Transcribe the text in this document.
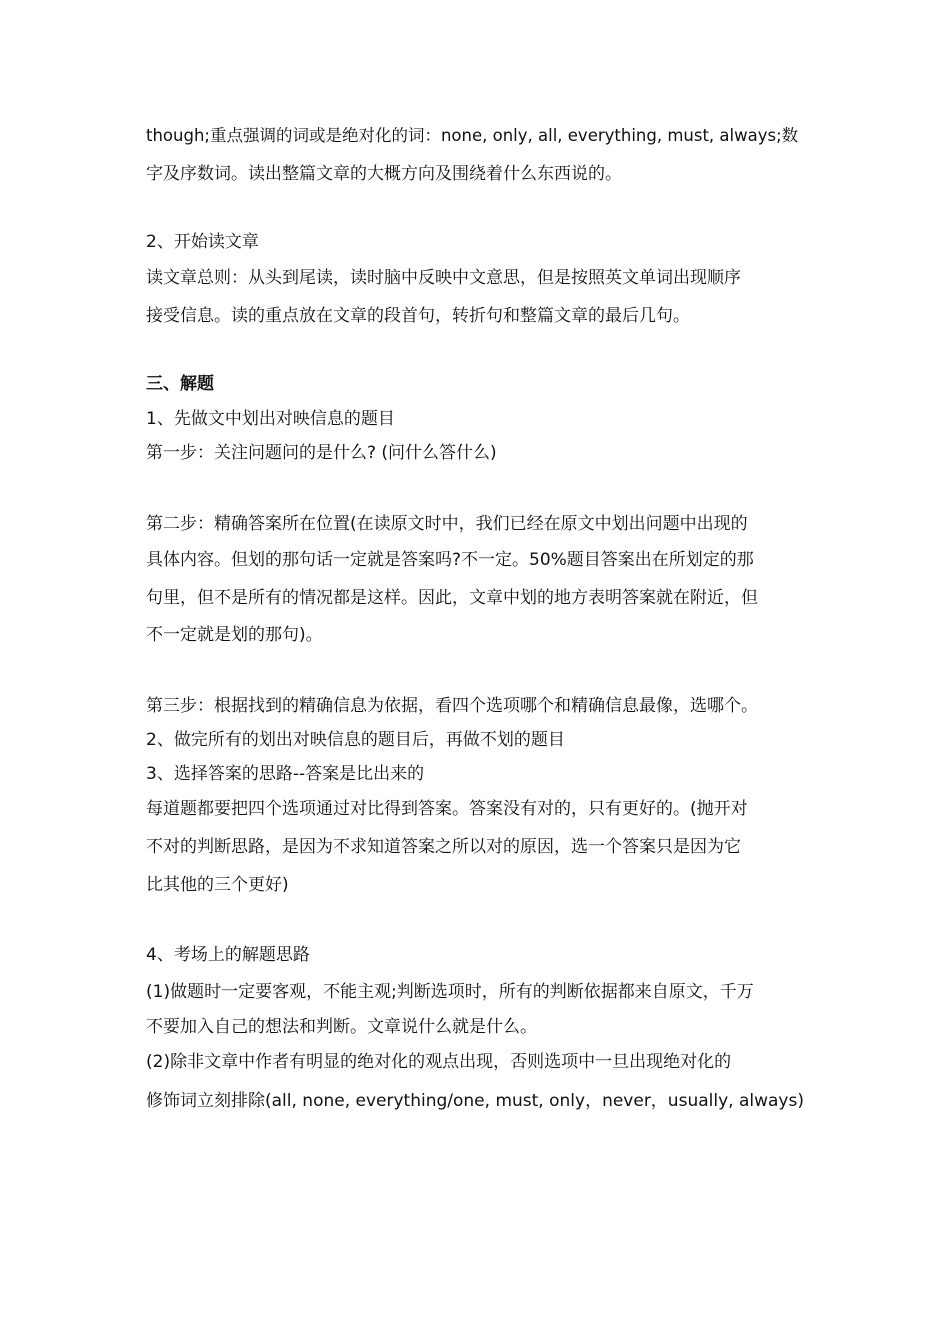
though;重点强调的词或是绝对化的词：none, only, all, everything, must, always;数
字及序数词。读出整篇文章的大概方向及围绕着什么东西说的。
2、开始读文章
读文章总则：从头到尾读，读时脑中反映中文意思，但是按照英文单词出现顺序
接受信息。读的重点放在文章的段首句，转折句和整篇文章的最后几句。
三、解题
1、先做文中划出对映信息的题目
第一步：关注问题问的是什么? (问什么答什么)
第二步：精确答案所在位置(在读原文时中，我们已经在原文中划出问题中出现的
具体内容。但划的那句话一定就是答案吗?不一定。50%题目答案出在所划定的那
句里，但不是所有的情况都是这样。因此，文章中划的地方表明答案就在附近，但
不一定就是划的那句)。
第三步：根据找到的精确信息为依据，看四个选项哪个和精确信息最像，选哪个。
2、做完所有的划出对映信息的题目后，再做不划的题目
3、选择答案的思路--答案是比出来的
每道题都要把四个选项通过对比得到答案。答案没有对的，只有更好的。(抛开对
不对的判断思路，是因为不求知道答案之所以对的原因，选一个答案只是因为它
比其他的三个更好)
4、考场上的解题思路
(1)做题时一定要客观，不能主观;判断选项时，所有的判断依据都来自原文，千万
不要加入自己的想法和判断。文章说什么就是什么。
(2)除非文章中作者有明显的绝对化的观点出现，否则选项中一旦出现绝对化的
修饰词立刻排除(all, none, everything/one, must, only，never，usually, always)
